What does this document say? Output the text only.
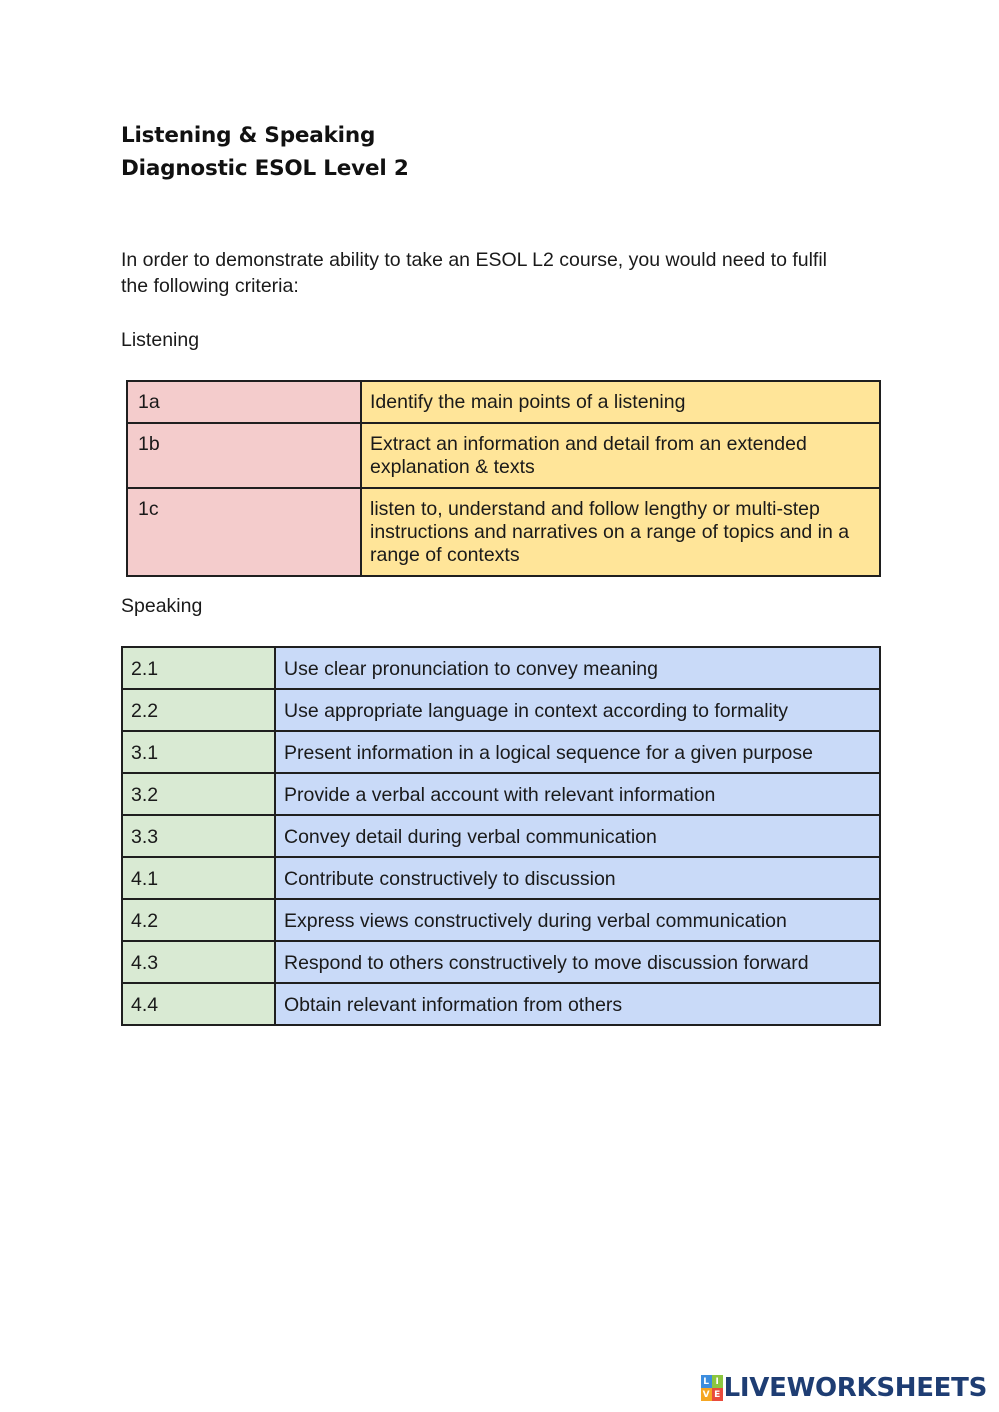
Listening & Speaking
Diagnostic ESOL Level 2
In order to demonstrate ability to take an ESOL L2 course, you would need to fulfil
the following criteria:

Listening

1a	Identify the main points of a listening
1b	Extract an information and detail from an extended explanation & texts
1c	listen to, understand and follow lengthy or multi-step instructions and narratives on a range of topics and in a range of contexts

Speaking

2.1	Use clear pronunciation to convey meaning
2.2	Use appropriate language in context according to formality
3.1	Present information in a logical sequence for a given purpose
3.2	Provide a verbal account with relevant information
3.3	Convey detail during verbal communication
4.1	Contribute constructively to discussion
4.2	Express views constructively during verbal communication
4.3	Respond to others constructively to move discussion forward
4.4	Obtain relevant information from others
L I
V E LIVEWORKSHEETS
